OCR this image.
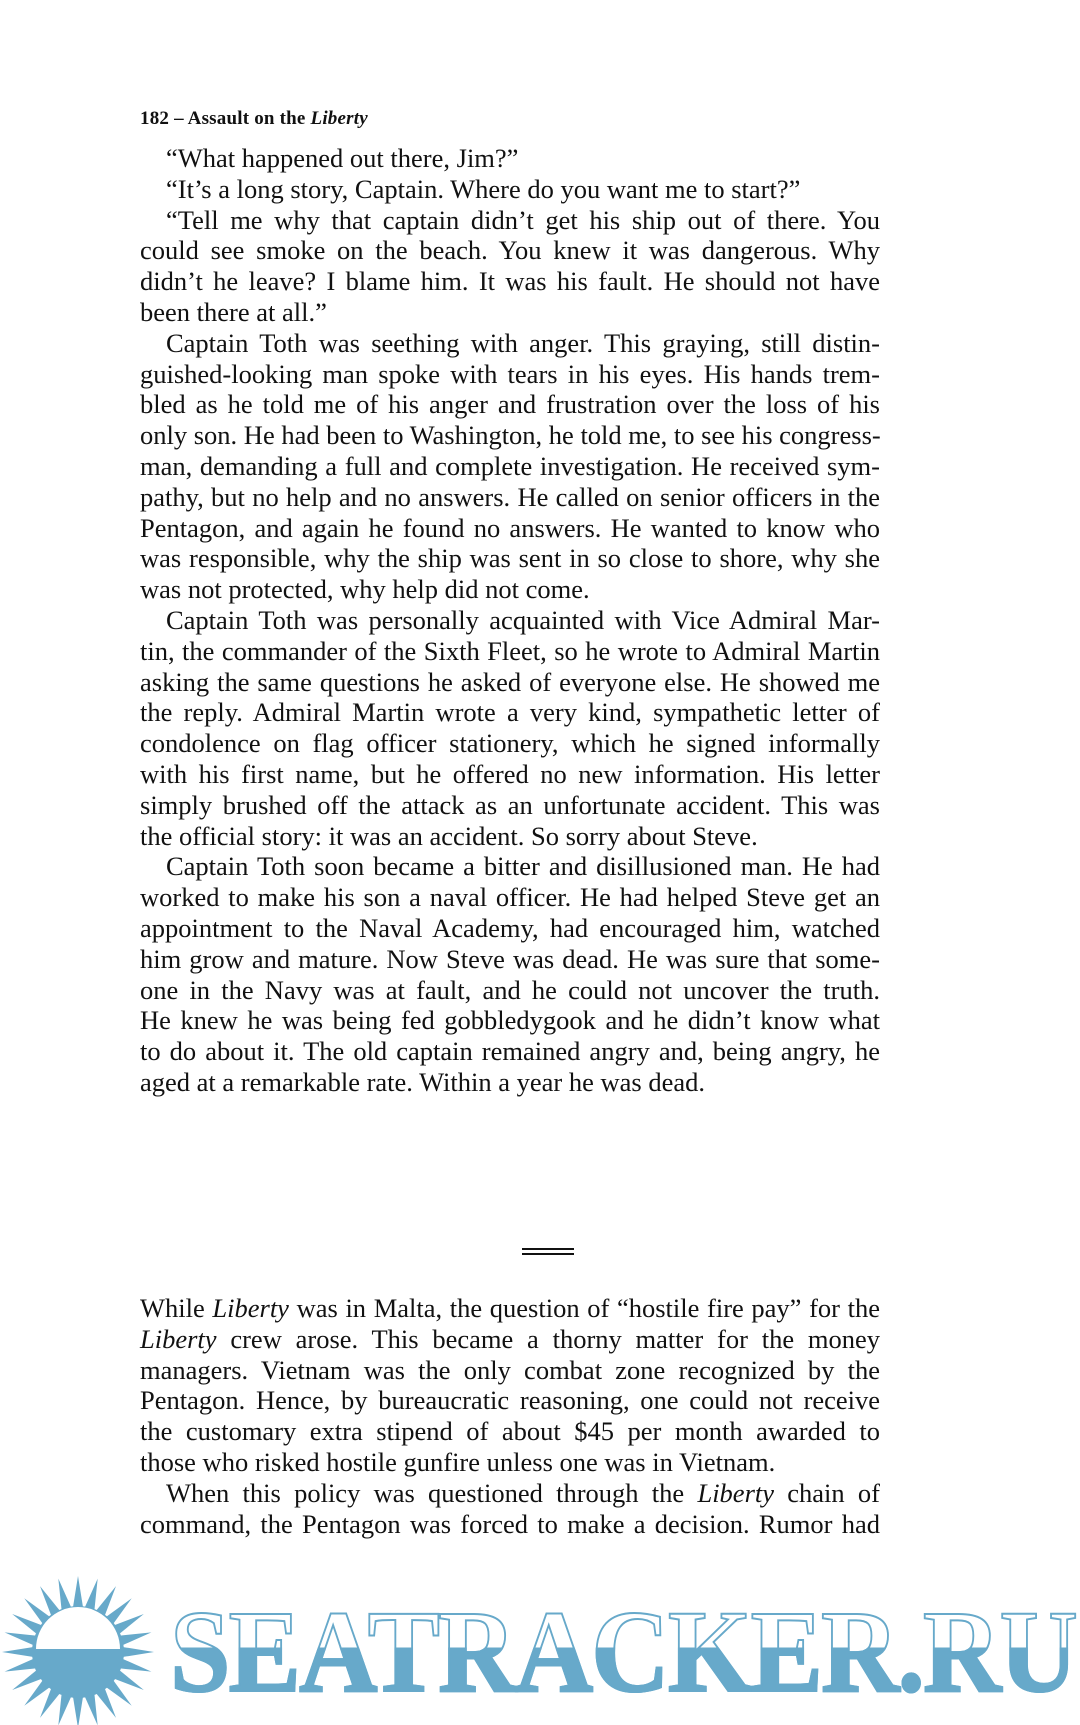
182 – Assault on the Liberty
“What happened out there, Jim?”
“It’s a long story, Captain. Where do you want me to start?”
“Tell me why that captain didn’t get his ship out of there. You
could see smoke on the beach. You knew it was dangerous. Why
didn’t he leave? I blame him. It was his fault. He should not have
been there at all.”
Captain Toth was seething with anger. This graying, still distin-
guished-looking man spoke with tears in his eyes. His hands trem-
bled as he told me of his anger and frustration over the loss of his
only son. He had been to Washington, he told me, to see his congress-
man, demanding a full and complete investigation. He received sym-
pathy, but no help and no answers. He called on senior officers in the
Pentagon, and again he found no answers. He wanted to know who
was responsible, why the ship was sent in so close to shore, why she
was not protected, why help did not come.
Captain Toth was personally acquainted with Vice Admiral Mar-
tin, the commander of the Sixth Fleet, so he wrote to Admiral Martin
asking the same questions he asked of everyone else. He showed me
the reply. Admiral Martin wrote a very kind, sympathetic letter of
condolence on flag officer stationery, which he signed informally
with his first name, but he offered no new information. His letter
simply brushed off the attack as an unfortunate accident. This was
the official story: it was an accident. So sorry about Steve.
Captain Toth soon became a bitter and disillusioned man. He had
worked to make his son a naval officer. He had helped Steve get an
appointment to the Naval Academy, had encouraged him, watched
him grow and mature. Now Steve was dead. He was sure that some-
one in the Navy was at fault, and he could not uncover the truth.
He knew he was being fed gobbledygook and he didn’t know what
to do about it. The old captain remained angry and, being angry, he
aged at a remarkable rate. Within a year he was dead.
While Liberty was in Malta, the question of “hostile fire pay” for the
Liberty crew arose. This became a thorny matter for the money
managers. Vietnam was the only combat zone recognized by the
Pentagon. Hence, by bureaucratic reasoning, one could not receive
the customary extra stipend of about $45 per month awarded to
those who risked hostile gunfire unless one was in Vietnam.
When this policy was questioned through the Liberty chain of
command, the Pentagon was forced to make a decision. Rumor had
SEATRACKER.RU
